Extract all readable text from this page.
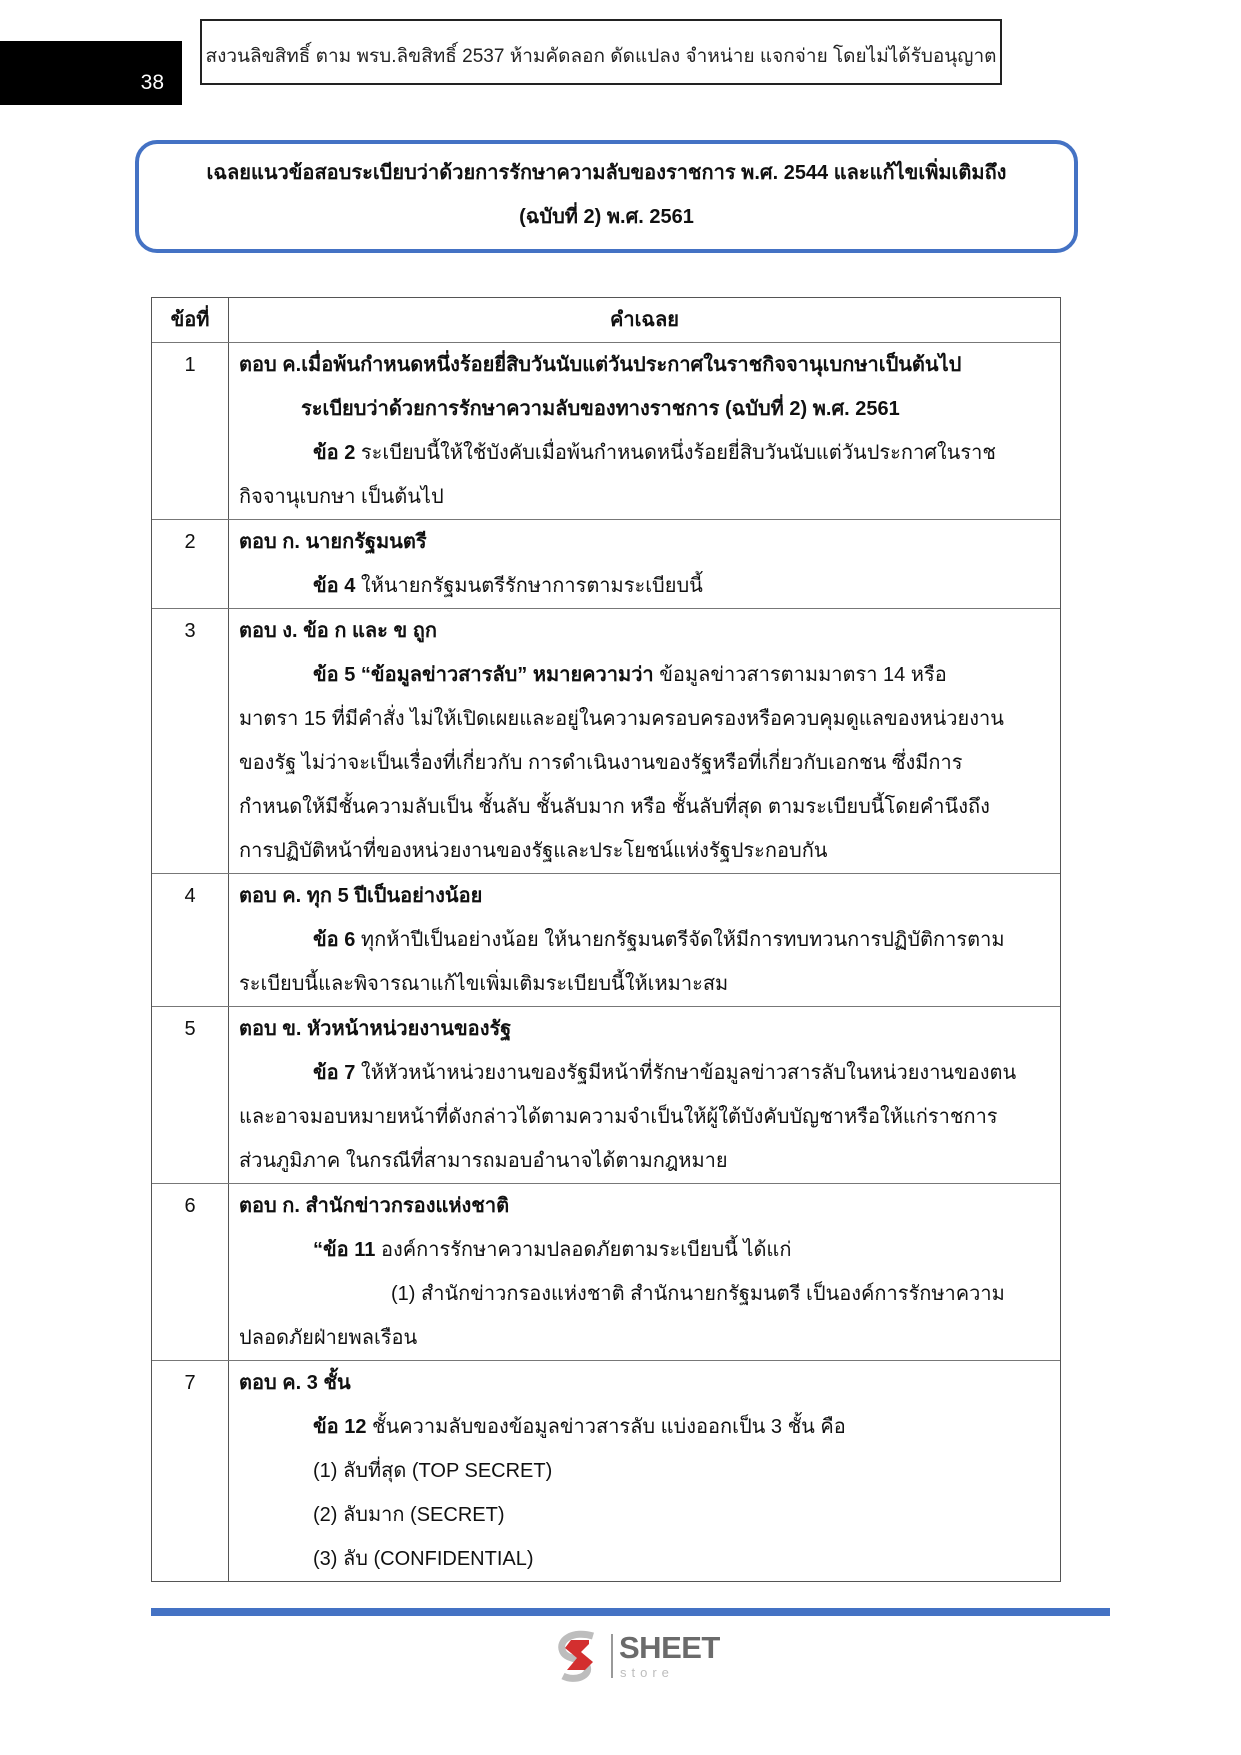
38
สงวนลิขสิทธิ์ ตาม พรบ.ลิขสิทธิ์ 2537 ห้ามคัดลอก ดัดแปลง จำหน่าย แจกจ่าย โดยไม่ได้รับอนุญาต
เฉลยแนวข้อสอบระเบียบว่าด้วยการรักษาความลับของราชการ พ.ศ. 2544 และแก้ไขเพิ่มเติมถึง
(ฉบับที่ 2) พ.ศ. 2561
ข้อที่	คำเฉลย
1	ตอบ ค.เมื่อพ้นกำหนดหนึ่งร้อยยี่สิบวันนับแต่วันประกาศในราชกิจจานุเบกษาเป็นต้นไป
ระเบียบว่าด้วยการรักษาความลับของทางราชการ (ฉบับที่ 2) พ.ศ. 2561
ข้อ 2 ระเบียบนี้ให้ใช้บังคับเมื่อพ้นกำหนดหนึ่งร้อยยี่สิบวันนับแต่วันประกาศในราช
กิจจานุเบกษา เป็นต้นไป
2	ตอบ ก. นายกรัฐมนตรี
ข้อ 4 ให้นายกรัฐมนตรีรักษาการตามระเบียบนี้
3	ตอบ ง. ข้อ ก และ ข ถูก
ข้อ 5 “ข้อมูลข่าวสารลับ” หมายความว่า ข้อมูลข่าวสารตามมาตรา 14 หรือ
มาตรา 15 ที่มีคำสั่ง ไม่ให้เปิดเผยและอยู่ในความครอบครองหรือควบคุมดูแลของหน่วยงาน
ของรัฐ ไม่ว่าจะเป็นเรื่องที่เกี่ยวกับ การดำเนินงานของรัฐหรือที่เกี่ยวกับเอกชน ซึ่งมีการ
กำหนดให้มีชั้นความลับเป็น ชั้นลับ ชั้นลับมาก หรือ ชั้นลับที่สุด ตามระเบียบนี้โดยคำนึงถึง
การปฏิบัติหน้าที่ของหน่วยงานของรัฐและประโยชน์แห่งรัฐประกอบกัน
4	ตอบ ค. ทุก 5 ปีเป็นอย่างน้อย
ข้อ 6 ทุกห้าปีเป็นอย่างน้อย ให้นายกรัฐมนตรีจัดให้มีการทบทวนการปฏิบัติการตาม
ระเบียบนี้และพิจารณาแก้ไขเพิ่มเติมระเบียบนี้ให้เหมาะสม
5	ตอบ ข. หัวหน้าหน่วยงานของรัฐ
ข้อ 7 ให้หัวหน้าหน่วยงานของรัฐมีหน้าที่รักษาข้อมูลข่าวสารลับในหน่วยงานของตน
และอาจมอบหมายหน้าที่ดังกล่าวได้ตามความจำเป็นให้ผู้ใต้บังคับบัญชาหรือให้แก่ราชการ
ส่วนภูมิภาค ในกรณีที่สามารถมอบอำนาจได้ตามกฎหมาย
6	ตอบ ก. สำนักข่าวกรองแห่งชาติ
“ข้อ 11 องค์การรักษาความปลอดภัยตามระเบียบนี้ ได้แก่
(1) สำนักข่าวกรองแห่งชาติ สำนักนายกรัฐมนตรี เป็นองค์การรักษาความ
ปลอดภัยฝ่ายพลเรือน
7	ตอบ ค. 3 ชั้น
ข้อ 12 ชั้นความลับของข้อมูลข่าวสารลับ แบ่งออกเป็น 3 ชั้น คือ
(1) ลับที่สุด (TOP SECRET)
(2) ลับมาก (SECRET)
(3) ลับ (CONFIDENTIAL)
SHEET
store
